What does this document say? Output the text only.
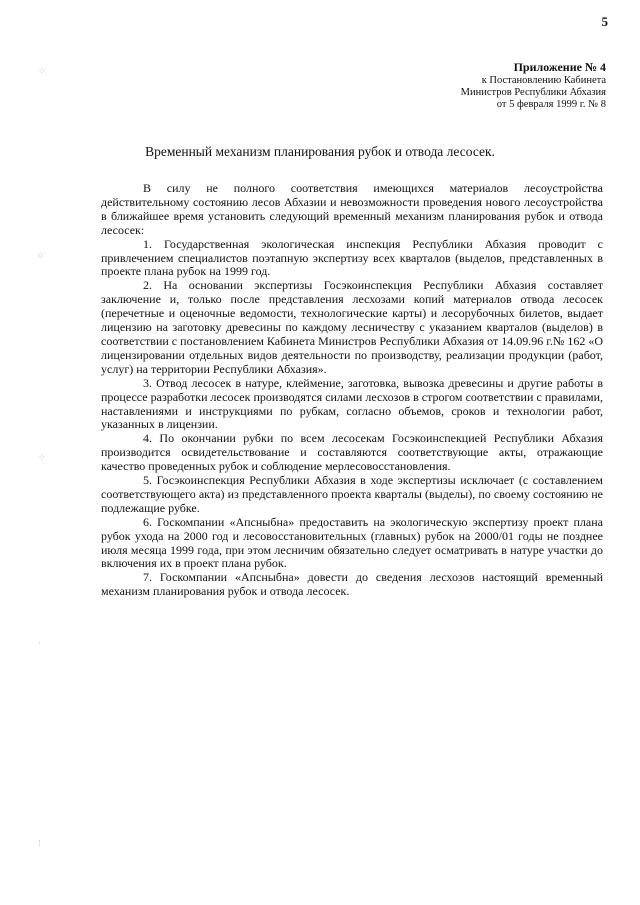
5
Приложение № 4
к Постановлению Кабинета
Министров Республики Абхазия
от 5 февраля 1999 г. № 8
Временный механизм планирования рубок и отвода лесосек.

В силу не полного соответствия имеющихся материалов лесоустройства действительному состоянию лесов Абхазии и невозможности проведения нового лесоустройства в ближайшее время установить следующий временный механизм планирования рубок и отвода лесосек:

1. Государственная экологическая инспекция Республики Абхазия проводит с привлечением специалистов поэтапную экспертизу всех кварталов (выделов, представленных в проекте плана рубок на 1999 год.

2. На основании экспертизы Госэкоинспекция Республики Абхазия составляет заключение и, только после представления лесхозами копий материалов отвода лесосек (перечетные и оценочные ведомости, технологические карты) и лесорубочных билетов, выдает лицензию на заготовку древесины по каждому лесничеству с указанием кварталов (выделов) в соответствии с постановлением Кабинета Министров Республики Абхазия от 14.09.96 г.№ 162 «О лицензировании отдельных видов деятельности по производству, реализации продукции (работ, услуг) на территории Республики Абхазия».

3. Отвод лесосек в натуре, клеймение, заготовка, вывозка древесины и другие работы в процессе разработки лесосек производятся силами лесхозов в строгом соответствии с правилами, наставлениями и инструкциями по рубкам, согласно объемов, сроков и технологии работ, указанных в лицензии.

4. По окончании рубки по всем лесосекам Госэкоинспекцией Республики Абхазия производится освидетельствование и составляются соответствующие акты, отражающие качество проведенных рубок и соблюдение мерлесовосстановления.

5. Госэкоинспекция Республики Абхазия в ходе экспертизы исключает (с составлением соответствующего акта) из представленного проекта кварталы (выделы), по своему состоянию не подлежащие рубке.

6. Госкомпании «Апсныбна» предоставить на экологическую экспертизу проект плана рубок ухода на 2000 год и лесовосстановительных (главных) рубок на 2000/01 годы не позднее июля месяца 1999 года, при этом лесничим обязательно следует осматривать в натуре участки до включения их в проект плана рубок.

7. Госкомпании «Апсныбна» довести до сведения лесхозов настоящий временный механизм планирования рубок и отвода лесосек.

⁘
○
⁘
·
⁝
